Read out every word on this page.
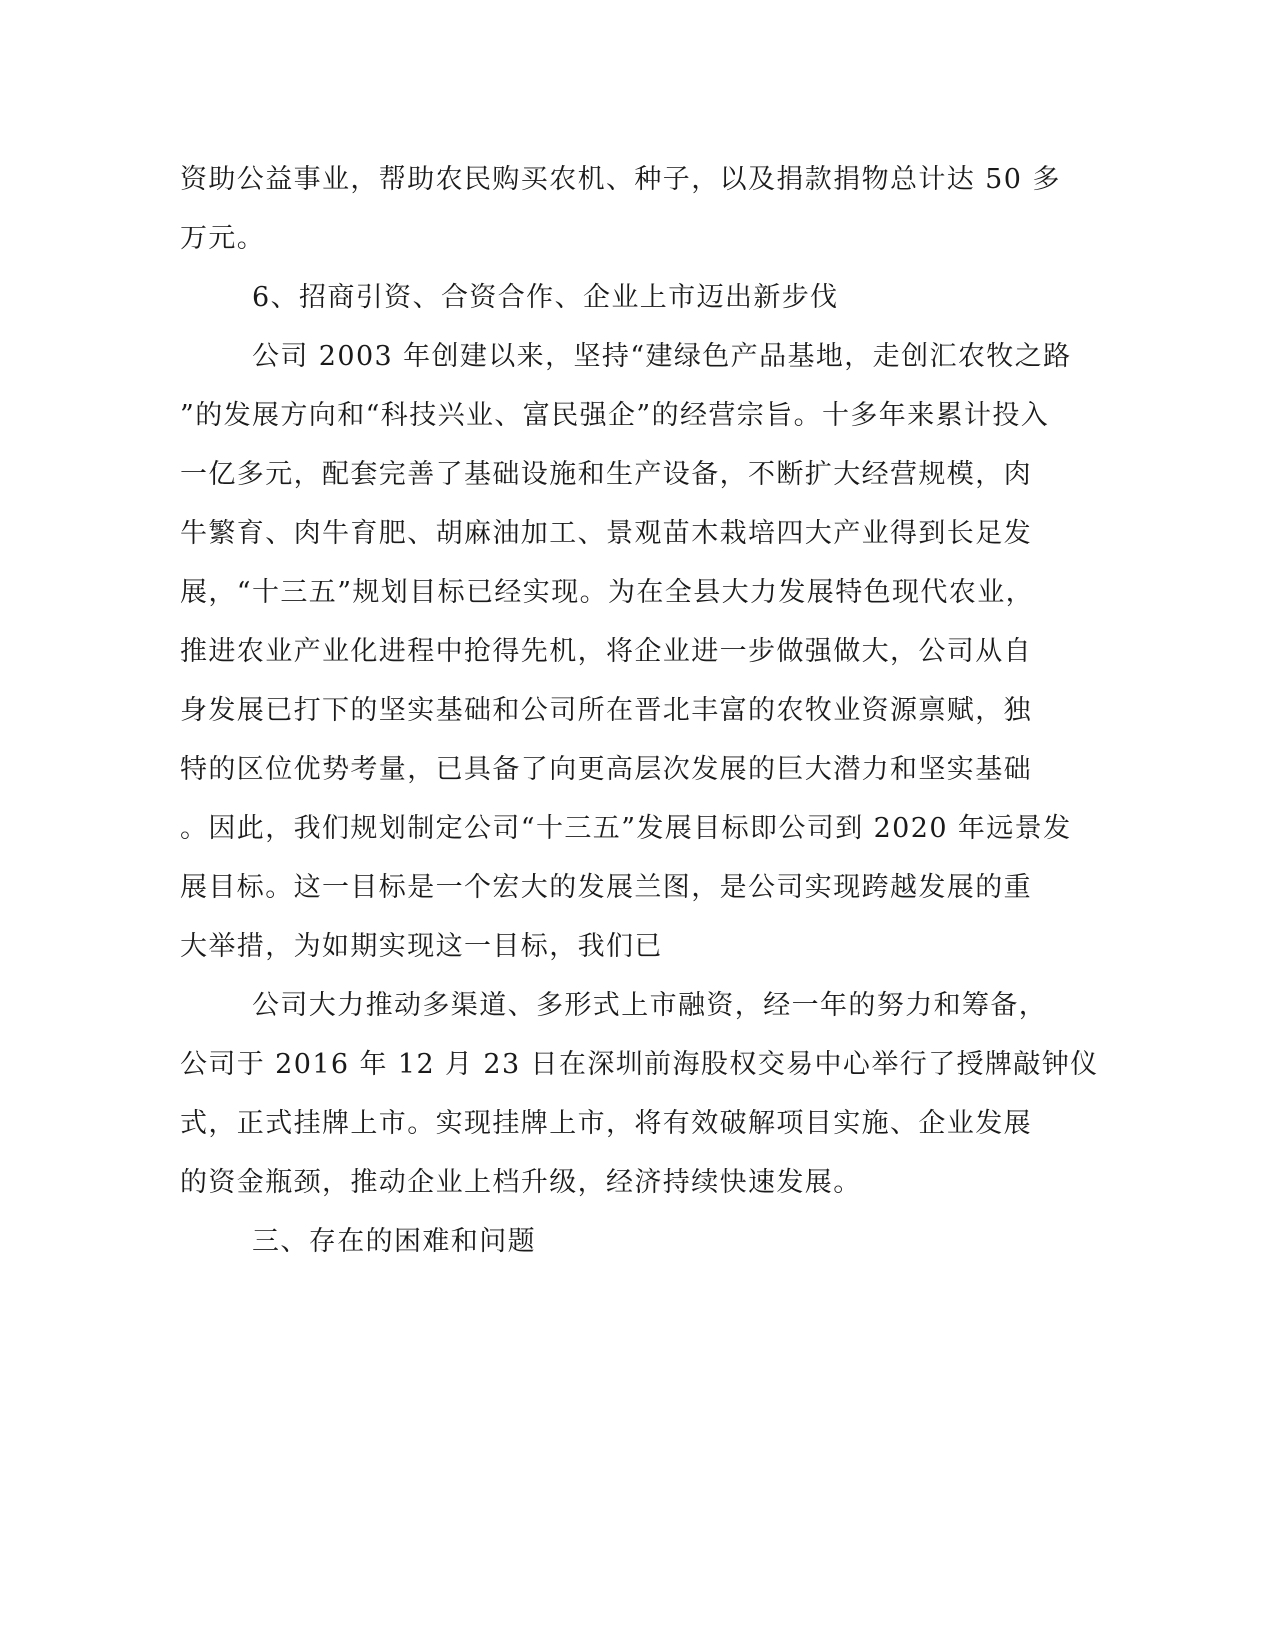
资助公益事业，帮助农民购买农机、种子，以及捐款捐物总计达 50 多
万元。
6、招商引资、合资合作、企业上市迈出新步伐
公司 2003 年创建以来，坚持“建绿色产品基地，走创汇农牧之路
”的发展方向和“科技兴业、富民强企”的经营宗旨。十多年来累计投入
一亿多元，配套完善了基础设施和生产设备，不断扩大经营规模，肉
牛繁育、肉牛育肥、胡麻油加工、景观苗木栽培四大产业得到长足发
展，“十三五”规划目标已经实现。为在全县大力发展特色现代农业，
推进农业产业化进程中抢得先机，将企业进一步做强做大，公司从自
身发展已打下的坚实基础和公司所在晋北丰富的农牧业资源禀赋，独
特的区位优势考量，已具备了向更高层次发展的巨大潜力和坚实基础
。因此，我们规划制定公司“十三五”发展目标即公司到 2020 年远景发
展目标。这一目标是一个宏大的发展兰图，是公司实现跨越发展的重
大举措，为如期实现这一目标，我们已
公司大力推动多渠道、多形式上市融资，经一年的努力和筹备，
公司于 2016 年 12 月 23 日在深圳前海股权交易中心举行了授牌敲钟仪
式，正式挂牌上市。实现挂牌上市，将有效破解项目实施、企业发展
的资金瓶颈，推动企业上档升级，经济持续快速发展。
三、存在的困难和问题
